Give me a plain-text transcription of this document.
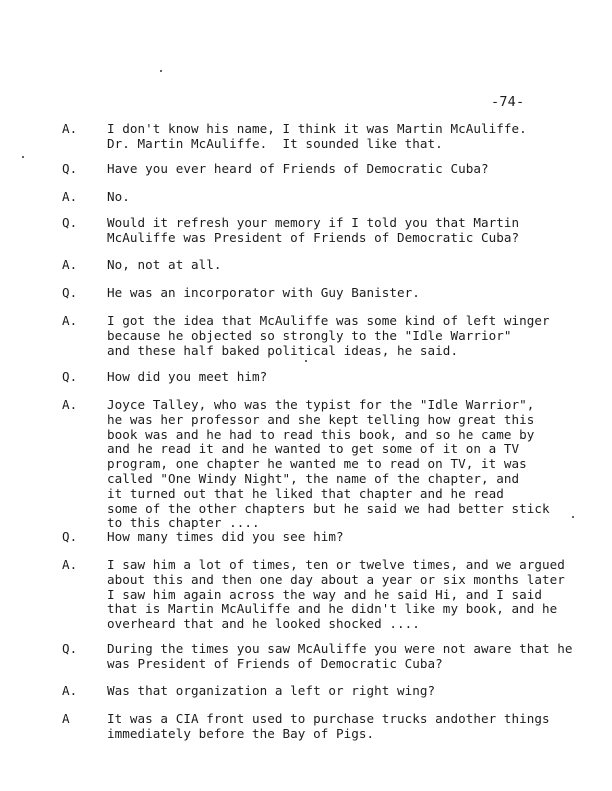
-74-
A.	I don't know his name, I think it was Martin McAuliffe.
Dr. Martin McAuliffe.  It sounded like that.
Q.	Have you ever heard of Friends of Democratic Cuba?
A.	No.
Q.	Would it refresh your memory if I told you that Martin
McAuliffe was President of Friends of Democratic Cuba?
A.	No, not at all.
Q.	He was an incorporator with Guy Banister.
A.	I got the idea that McAuliffe was some kind of left winger
because he objected so strongly to the "Idle Warrior"
and these half baked political ideas, he said.
Q.	How did you meet him?
A.	Joyce Talley, who was the typist for the "Idle Warrior",
he was her professor and she kept telling how great this
book was and he had to read this book, and so he came by
and he read it and he wanted to get some of it on a TV
program, one chapter he wanted me to read on TV, it was
called "One Windy Night", the name of the chapter, and
it turned out that he liked that chapter and he read
some of the other chapters but he said we had better stick
to this chapter ....
Q.	How many times did you see him?
A.	I saw him a lot of times, ten or twelve times, and we argued
about this and then one day about a year or six months later
I saw him again across the way and he said Hi, and I said
that is Martin McAuliffe and he didn't like my book, and he
overheard that and he looked shocked ....
Q.	During the times you saw McAuliffe you were not aware that he
was President of Friends of Democratic Cuba?
A.	Was that organization a left or right wing?
A	It was a CIA front used to purchase trucks andother things
immediately before the Bay of Pigs.
